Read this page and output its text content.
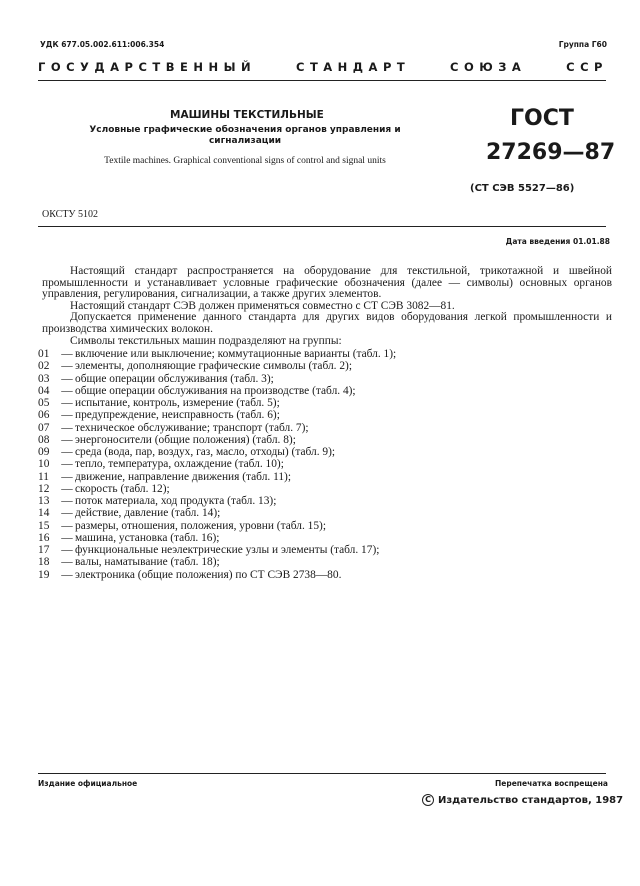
УДК 677.05.002.611:006.354	Группа Г60
ГОСУДАРСТВЕННЫЙ	СТАНДАРТ	СОЮЗА	ССР
МАШИНЫ ТЕКСТИЛЬНЫЕ
Условные графические обозначения органов управления и сигнализации
Textile machines. Graphical conventional signs of control and signal units
ГОСТ
27269—87
(СТ СЭВ 5527—86)
ОКСТУ 5102
Дата введения 01.01.88

Настоящий стандарт распространяется на оборудование для текстильной, трикотажной и швейной промышленности и устанавливает условные графические обозначения (далее — символы) основных органов управления, регулирования, сигнализации, а также других элементов.

Настоящий стандарт СЭВ должен применяться совместно с СТ СЭВ 3082—81.

Допускается применение данного стандарта для других видов оборудования легкой промышленности и производства химических волокон.

Символы текстильных машин подразделяют на группы:

01	— включение или выключение; коммутационные варианты (табл. 1);
02	— элементы, дополняющие графические символы (табл. 2);
03	— общие операции обслуживания (табл. 3);
04	— общие операции обслуживания на производстве (табл. 4);
05	— испытание, контроль, измерение (табл. 5);
06	— предупреждение, неисправность (табл. 6);
07	— техническое обслуживание; транспорт (табл. 7);
08	— энергоносители (общие положения) (табл. 8);
09	— среда (вода, пар, воздух, газ, масло, отходы) (табл. 9);
10	— тепло, температура, охлаждение (табл. 10);
11	— движение, направление движения (табл. 11);
12	— скорость (табл. 12);
13	— поток материала, ход продукта (табл. 13);
14	— действие, давление (табл. 14);
15	— размеры, отношения, положения, уровни (табл. 15);
16	— машина, установка (табл. 16);
17	— функциональные неэлектрические узлы и элементы (табл. 17);
18	— валы, наматывание (табл. 18);
19	— электроника (общие положения) по СТ СЭВ 2738—80.
Издание официальное	Перепечатка воспрещена
C Издательство стандартов, 1987
